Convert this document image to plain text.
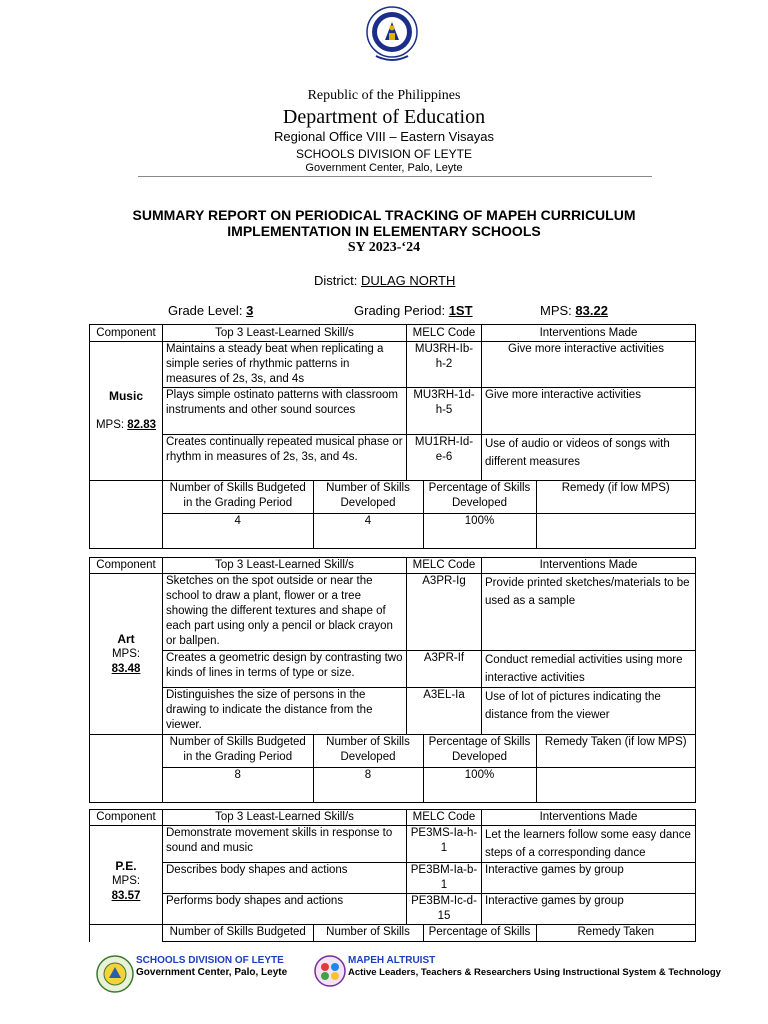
Republic of the Philippines
Department of Education
Regional Office VIII – Eastern Visayas
SCHOOLS DIVISION OF LEYTE
Government Center, Palo, Leyte
SUMMARY REPORT ON PERIODICAL TRACKING OF MAPEH CURRICULUM
IMPLEMENTATION IN ELEMENTARY SCHOOLS
SY 2023-‘24
District: DULAG NORTH
Grade Level: 3	Grading Period: 1ST	MPS: 83.22
Component	Top 3 Least-Learned Skill/s	MELC Code	Interventions Made

Music
MPS: 82.83
	Maintains a steady beat when replicating a simple series of rhythmic patterns in measures of 2s, 3s, and 4s	MU3RH-Ib-h-2	Give more interactive activities
Plays simple ostinato patterns with classroom instruments and other sound sources	MU3RH-1d-h-5	Give more interactive activities
Creates continually repeated musical phase or rhythm in measures of 2s, 3s, and 4s.	MU1RH-Id-e-6	Use of audio or videos of songs with different measures

Number of Skills Budgeted in the Grading Period	Number of Skills Developed	Percentage of Skills Developed	Remedy (if low MPS)
4	4	100%	
Component	Top 3 Least-Learned Skill/s	MELC Code	Interventions Made

Art
MPS:
83.48
	Sketches on the spot outside or near the school to draw a plant, flower or a tree showing the different textures and shape of each part using only a pencil or black crayon or ballpen.	A3PR-Ig	Provide printed sketches/materials to be used as a sample
Creates a geometric design by contrasting two kinds of lines in terms of type or size.	A3PR-If	Conduct remedial activities using more interactive activities
Distinguishes the size of persons in the drawing to indicate the distance from the viewer.	A3EL-Ia	Use of lot of pictures indicating the distance from the viewer

Number of Skills Budgeted in the Grading Period	Number of Skills Developed	Percentage of Skills Developed	Remedy Taken (if low MPS)
8	8	100%	
Component	Top 3 Least-Learned Skill/s	MELC Code	Interventions Made

P.E.
MPS:
83.57
	Demonstrate movement skills in response to sound and music	PE3MS-Ia-h-1	Let the learners follow some easy dance steps of a corresponding dance
Describes body shapes and actions	PE3BM-Ia-b-1	Interactive games by group
Performs body shapes and actions	PE3BM-Ic-d-15	Interactive games by group

Number of Skills Budgeted	Number of Skills	Percentage of Skills	Remedy Taken
SCHOOLS DIVISION OF LEYTE
Government Center, Palo, Leyte
MAPEH ALTRUIST
Active Leaders, Teachers & Researchers Using Instructional System & Technology
